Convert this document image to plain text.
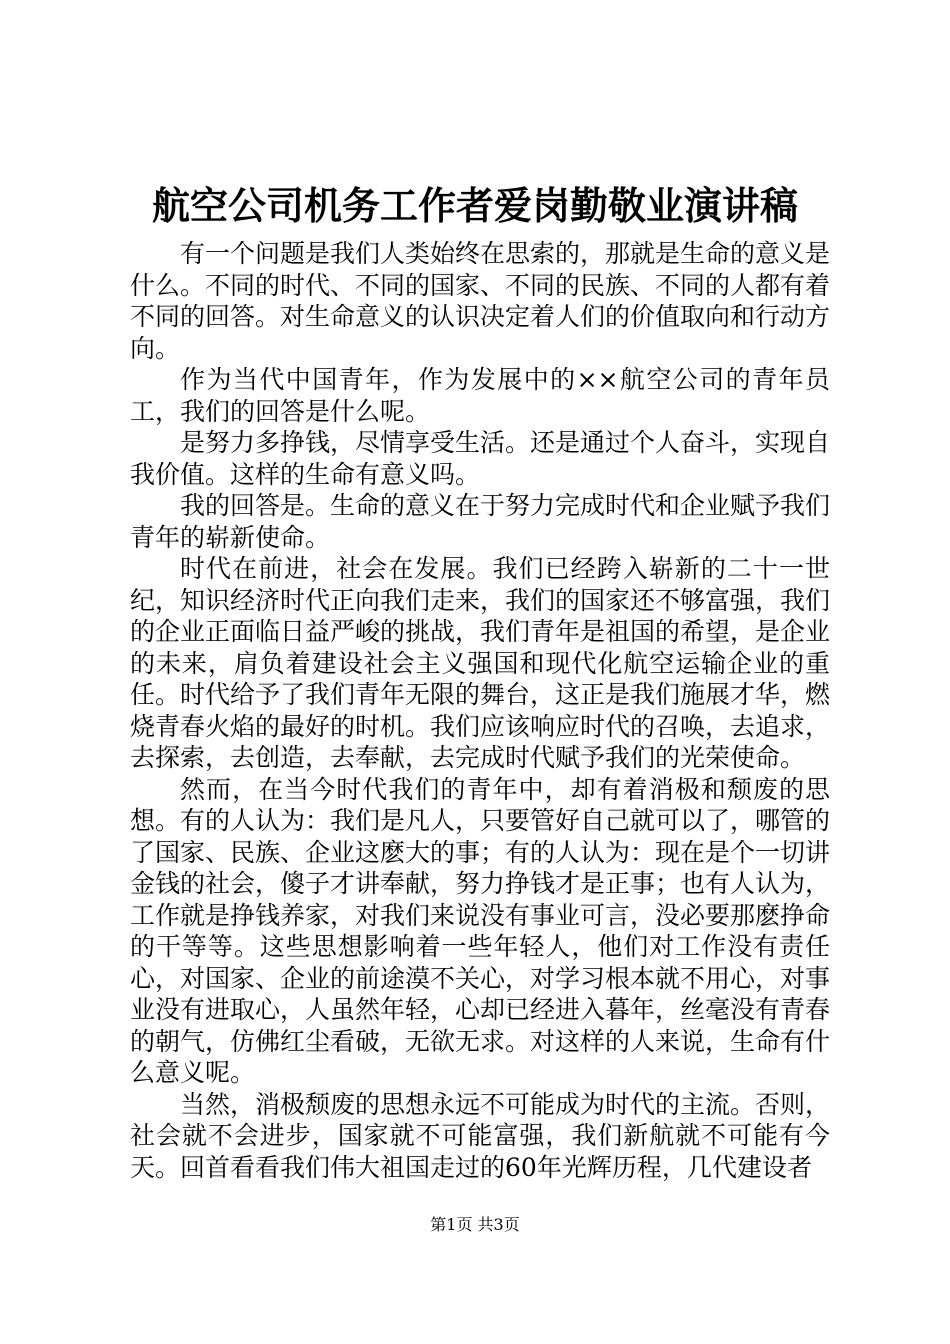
航空公司机务工作者爱岗勤敬业演讲稿

有一个问题是我们人类始终在思索的，那就是生命的意义是什么。不同的时代、不同的国家、不同的民族、不同的人都有着不同的回答。对生命意义的认识决定着人们的价值取向和行动方向。

作为当代中国青年，作为发展中的××航空公司的青年员工，我们的回答是什么呢。

是努力多挣钱，尽情享受生活。还是通过个人奋斗，实现自我价值。这样的生命有意义吗。

我的回答是。生命的意义在于努力完成时代和企业赋予我们青年的崭新使命。

时代在前进，社会在发展。我们已经跨入崭新的二十一世纪，知识经济时代正向我们走来，我们的国家还不够富强，我们的企业正面临日益严峻的挑战，我们青年是祖国的希望，是企业的未来，肩负着建设社会主义强国和现代化航空运输企业的重任。时代给予了我们青年无限的舞台，这正是我们施展才华，燃烧青春火焰的最好的时机。我们应该响应时代的召唤，去追求，去探索，去创造，去奉献，去完成时代赋予我们的光荣使命。

然而，在当今时代我们的青年中，却有着消极和颓废的思想。有的人认为：我们是凡人，只要管好自己就可以了，哪管的了国家、民族、企业这麽大的事；有的人认为：现在是个一切讲金钱的社会，傻子才讲奉献，努力挣钱才是正事；也有人认为，工作就是挣钱养家，对我们来说没有事业可言，没必要那麽挣命的干等等。这些思想影响着一些年轻人，他们对工作没有责任心，对国家、企业的前途漠不关心，对学习根本就不用心，对事业没有进取心，人虽然年轻，心却已经进入暮年，丝毫没有青春的朝气，仿佛红尘看破，无欲无求。对这样的人来说，生命有什么意义呢。

当然，消极颓废的思想永远不可能成为时代的主流。否则，社会就不会进步，国家就不可能富强，我们新航就不可能有今天。回首看看我们伟大祖国走过的60年光辉历程，几代建设者

第1页 共3页
